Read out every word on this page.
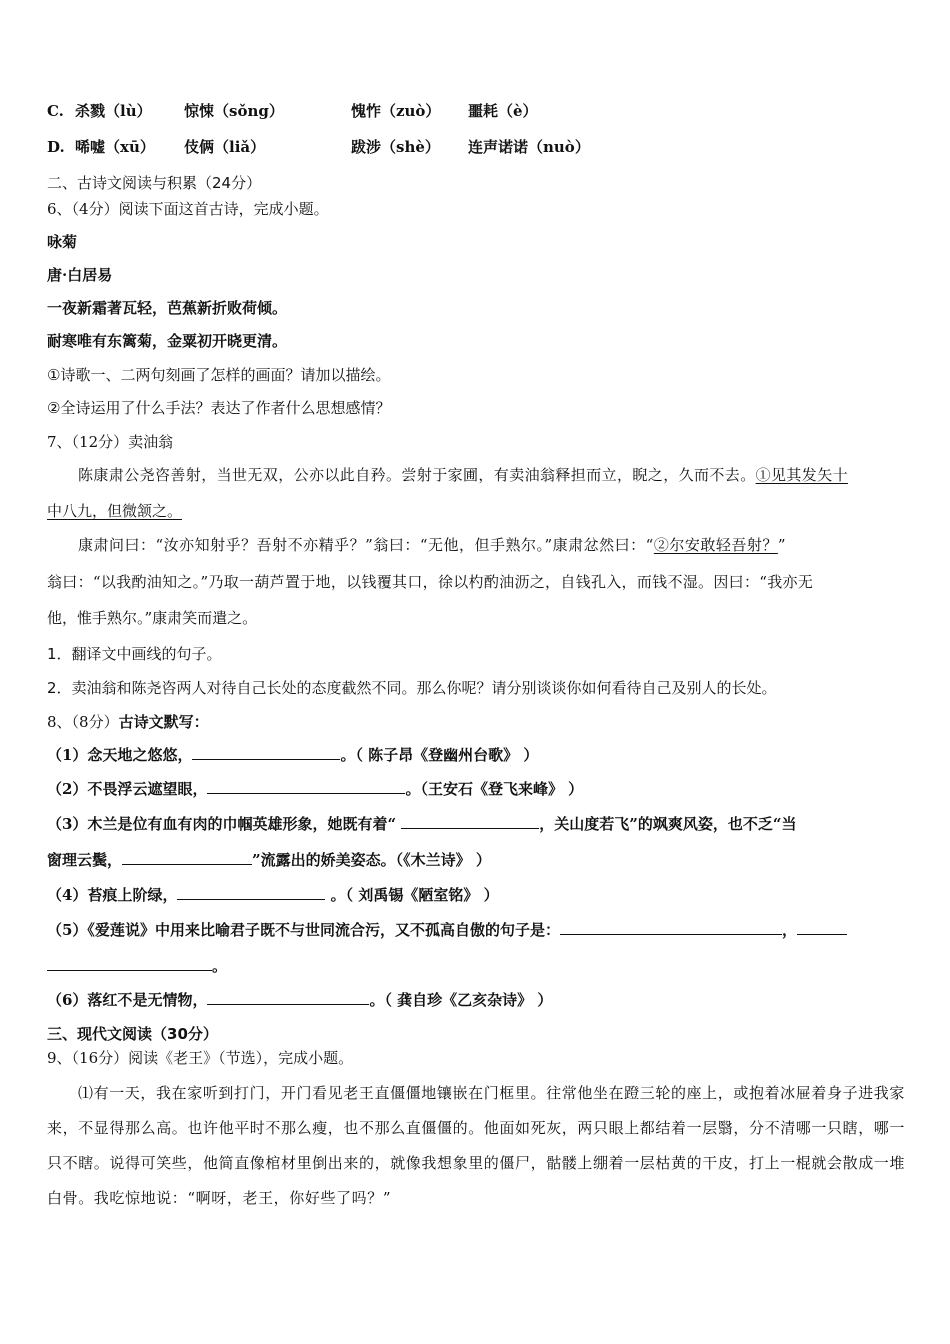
C. 杀戮（lù） 惊悚（sǒng）	愧怍（zuò） 噩耗（è）
D. 唏嘘（xū） 伎俩（liǎ）	跋涉（shè） 连声诺诺（nuò）
二、古诗文阅读与积累（24分）
6、（4分）阅读下面这首古诗，完成小题。
咏菊
唐·白居易
一夜新霜著瓦轻，芭蕉新折败荷倾。
耐寒唯有东篱菊，金粟初开晓更清。
①诗歌一、二两句刻画了怎样的画面？请加以描绘。
②全诗运用了什么手法？表达了作者什么思想感情？
7、（12分）卖油翁
陈康肃公尧咨善射，当世无双，公亦以此自矜。尝射于家圃，有卖油翁释担而立，睨之，久而不去。①见其发矢十
中八九，但微颔之。
康肃问曰：“汝亦知射乎？吾射不亦精乎？”翁曰：“无他，但手熟尔。”康肃忿然曰：“②尔安敢轻吾射？”
翁曰：“以我酌油知之。”乃取一葫芦置于地，以钱覆其口，徐以杓酌油沥之，自钱孔入，而钱不湿。因曰：“我亦无
他，惟手熟尔。”康肃笑而遣之。
1．翻译文中画线的句子。
2．卖油翁和陈尧咨两人对待自己长处的态度截然不同。那么你呢？请分别谈谈你如何看待自己及别人的长处。
8、（8分）古诗文默写：
（1）念天地之悠悠，	。（ 陈子昂《登幽州台歌》 ）
（2）不畏浮云遮望眼，	。（王安石《登飞来峰》 ）
（3）木兰是位有血有肉的巾帼英雄形象，她既有着“	，关山度若飞”的飒爽风姿，也不乏“当
窗理云鬓，	”流露出的娇美姿态。（《木兰诗》 ）
（4）苔痕上阶绿，	。（ 刘禹锡《陋室铭》 ）
（5）《爱莲说》中用来比喻君子既不与世同流合污，又不孤高自傲的句子是：	，
。
（6）落红不是无情物，	。（ 龚自珍《乙亥杂诗》 ）
三、现代文阅读（30分）
9、（16分）阅读《老王》（节选），完成小题。
⑴有一天，我在家听到打门，开门看见老王直僵僵地镶嵌在门框里。往常他坐在蹬三轮的座上，或抱着冰屉着身子进我家来，不显得那么高。也许他平时不那么瘦，也不那么直僵僵的。他面如死灰，两只眼上都结着一层翳，分不清哪一只瞎，哪一只不瞎。说得可笑些，他简直像棺材里倒出来的，就像我想象里的僵尸，骷髅上绷着一层枯黄的干皮，打上一棍就会散成一堆白骨。我吃惊地说：“啊呀，老王，你好些了吗？”
